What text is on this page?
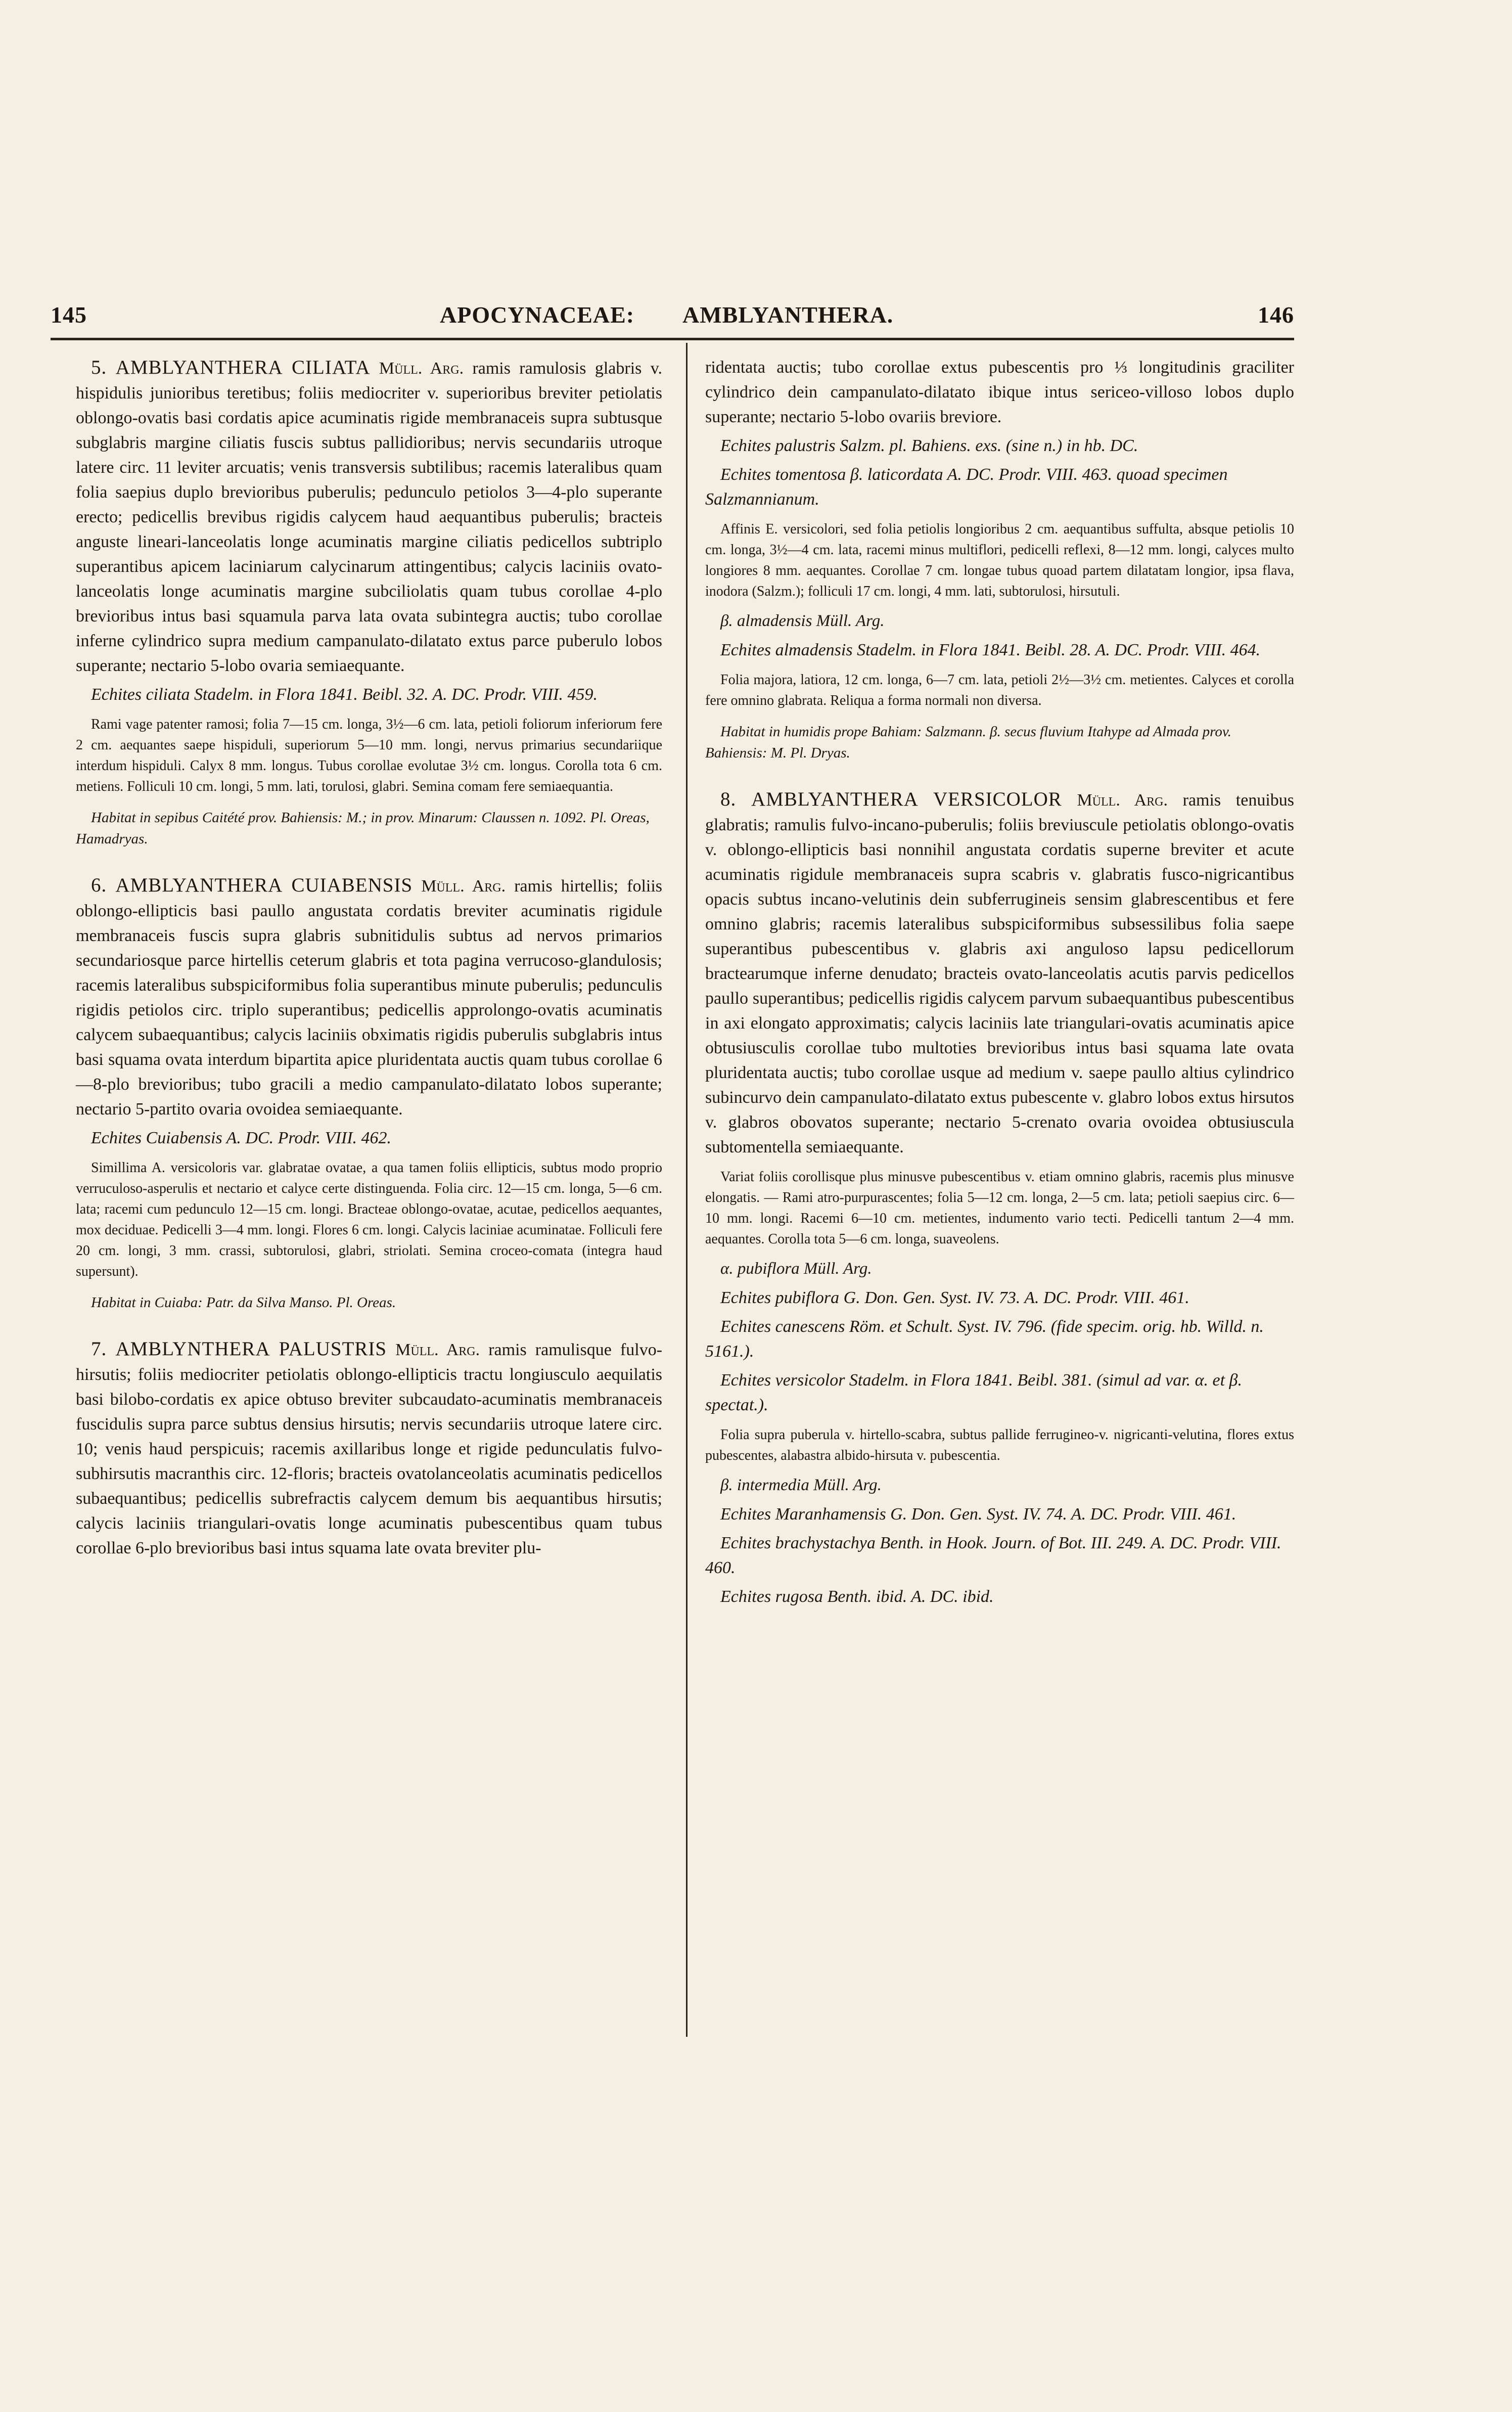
145	APOCYNACEAE: AMBLYANTHERA.	146

5. AMBLYANTHERA CILIATA Müll. Arg. ramis ramulosis glabris v. hispidulis junioribus teretibus; foliis mediocriter v. superioribus breviter petiolatis oblongo-ovatis basi cordatis apice acuminatis rigide membranaceis supra subtusque subglabris margine ciliatis fuscis subtus pallidioribus; nervis secundariis utroque latere circ. 11 leviter arcuatis; venis transversis subtilibus; racemis lateralibus quam folia saepius duplo brevioribus puberulis; pedunculo petiolos 3—4-plo superante erecto; pedicellis brevibus rigidis calycem haud aequantibus puberulis; bracteis anguste lineari-lanceolatis longe acuminatis margine ciliatis pedicellos subtriplo superantibus apicem laciniarum calycinarum attingentibus; calycis laciniis ovato-lanceolatis longe acuminatis margine subciliolatis quam tubus corollae 4-plo brevioribus intus basi squamula parva lata ovata subintegra auctis; tubo corollae inferne cylindrico supra medium campanulato-dilatato extus parce puberulo lobos superante; nectario 5-lobo ovaria semiaequante.

Echites ciliata Stadelm. in Flora 1841. Beibl. 32. A. DC. Prodr. VIII. 459.

Rami vage patenter ramosi; folia 7—15 cm. longa, 3½—6 cm. lata, petioli foliorum inferiorum fere 2 cm. aequantes saepe hispiduli, superiorum 5—10 mm. longi, nervus primarius secundariique interdum hispiduli. Calyx 8 mm. longus. Tubus corollae evolutae 3½ cm. longus. Corolla tota 6 cm. metiens. Folliculi 10 cm. longi, 5 mm. lati, torulosi, glabri. Semina comam fere semiaequantia.

Habitat in sepibus Caitété prov. Bahiensis: M.; in prov. Minarum: Claussen n. 1092. Pl. Oreas, Hamadryas.

6. AMBLYANTHERA CUIABENSIS Müll. Arg. ramis hirtellis; foliis oblongo-ellipticis basi paullo angustata cordatis breviter acuminatis rigidule membranaceis fuscis supra glabris subnitidulis subtus ad nervos primarios secundariosque parce hirtellis ceterum glabris et tota pagina verrucoso-glandulosis; racemis lateralibus subspiciformibus folia superantibus minute puberulis; pedunculis rigidis petiolos circ. triplo superantibus; pedicellis approlongo-ovatis acuminatis calycem subaequantibus; calycis laciniis obximatis rigidis puberulis subglabris intus basi squama ovata interdum bipartita apice pluridentata auctis quam tubus corollae 6—8-plo brevioribus; tubo gracili a medio campanulato-dilatato lobos superante; nectario 5-partito ovaria ovoidea semiaequante.

Echites Cuiabensis A. DC. Prodr. VIII. 462.

Simillima A. versicoloris var. glabratae ovatae, a qua tamen foliis ellipticis, subtus modo proprio verruculoso-asperulis et nectario et calyce certe distinguenda. Folia circ. 12—15 cm. longa, 5—6 cm. lata; racemi cum pedunculo 12—15 cm. longi. Bracteae oblongo-ovatae, acutae, pedicellos aequantes, mox deciduae. Pedicelli 3—4 mm. longi. Flores 6 cm. longi. Calycis laciniae acuminatae. Folliculi fere 20 cm. longi, 3 mm. crassi, subtorulosi, glabri, striolati. Semina croceo-comata (integra haud supersunt).

Habitat in Cuiaba: Patr. da Silva Manso. Pl. Oreas.

7. AMBLYNTHERA PALUSTRIS Müll. Arg. ramis ramulisque fulvo-hirsutis; foliis mediocriter petiolatis oblongo-ellipticis tractu longiusculo aequilatis basi bilobo-cordatis ex apice obtuso breviter subcaudato-acuminatis membranaceis fuscidulis supra parce subtus densius hirsutis; nervis secundariis utroque latere circ. 10; venis haud perspicuis; racemis axillaribus longe et rigide pedunculatis fulvo-subhirsutis macranthis circ. 12-floris; bracteis ovatolanceolatis acuminatis pedicellos subaequantibus; pedicellis subrefractis calycem demum bis aequantibus hirsutis; calycis laciniis triangulari-ovatis longe acuminatis pubescentibus quam tubus corollae 6-plo brevioribus basi intus squama late ovata breviter plu-

ridentata auctis; tubo corollae extus pubescentis pro ⅓ longitudinis graciliter cylindrico dein campanulato-dilatato ibique intus sericeo-villoso lobos duplo superante; nectario 5-lobo ovariis breviore.

Echites palustris Salzm. pl. Bahiens. exs. (sine n.) in hb. DC.

Echites tomentosa β. laticordata A. DC. Prodr. VIII. 463. quoad specimen Salzmannianum.

Affinis E. versicolori, sed folia petiolis longioribus 2 cm. aequantibus suffulta, absque petiolis 10 cm. longa, 3½—4 cm. lata, racemi minus multiflori, pedicelli reflexi, 8—12 mm. longi, calyces multo longiores 8 mm. aequantes. Corollae 7 cm. longae tubus quoad partem dilatatam longior, ipsa flava, inodora (Salzm.); folliculi 17 cm. longi, 4 mm. lati, subtorulosi, hirsutuli.

β. almadensis Müll. Arg.

Echites almadensis Stadelm. in Flora 1841. Beibl. 28. A. DC. Prodr. VIII. 464.

Folia majora, latiora, 12 cm. longa, 6—7 cm. lata, petioli 2½—3½ cm. metientes. Calyces et corolla fere omnino glabrata. Reliqua a forma normali non diversa.

Habitat in humidis prope Bahiam: Salzmann. β. secus fluvium Itahype ad Almada prov. Bahiensis: M. Pl. Dryas.

8. AMBLYANTHERA VERSICOLOR Müll. Arg. ramis tenuibus glabratis; ramulis fulvo-incano-puberulis; foliis breviuscule petiolatis oblongo-ovatis v. oblongo-ellipticis basi nonnihil angustata cordatis superne breviter et acute acuminatis rigidule membranaceis supra scabris v. glabratis fusco-nigricantibus opacis subtus incano-velutinis dein subferrugineis sensim glabrescentibus et fere omnino glabris; racemis lateralibus subspiciformibus subsessilibus folia saepe superantibus pubescentibus v. glabris axi anguloso lapsu pedicellorum bractearumque inferne denudato; bracteis ovato-lanceolatis acutis parvis pedicellos paullo superantibus; pedicellis rigidis calycem parvum subaequantibus pubescentibus in axi elongato approximatis; calycis laciniis late triangulari-ovatis acuminatis apice obtusiusculis corollae tubo multoties brevioribus intus basi squama late ovata pluridentata auctis; tubo corollae usque ad medium v. saepe paullo altius cylindrico subincurvo dein campanulato-dilatato extus pubescente v. glabro lobos extus hirsutos v. glabros obovatos superante; nectario 5-crenato ovaria ovoidea obtusiuscula subtomentella semiaequante.

Variat foliis corollisque plus minusve pubescentibus v. etiam omnino glabris, racemis plus minusve elongatis. — Rami atro-purpurascentes; folia 5—12 cm. longa, 2—5 cm. lata; petioli saepius circ. 6—10 mm. longi. Racemi 6—10 cm. metientes, indumento vario tecti. Pedicelli tantum 2—4 mm. aequantes. Corolla tota 5—6 cm. longa, suaveolens.

α. pubiflora Müll. Arg.

Echites pubiflora G. Don. Gen. Syst. IV. 73. A. DC. Prodr. VIII. 461.

Echites canescens Röm. et Schult. Syst. IV. 796. (fide specim. orig. hb. Willd. n. 5161.).

Echites versicolor Stadelm. in Flora 1841. Beibl. 381. (simul ad var. α. et β. spectat.).

Folia supra puberula v. hirtello-scabra, subtus pallide ferrugineo-v. nigricanti-velutina, flores extus pubescentes, alabastra albido-hirsuta v. pubescentia.

β. intermedia Müll. Arg.

Echites Maranhamensis G. Don. Gen. Syst. IV. 74. A. DC. Prodr. VIII. 461.

Echites brachystachya Benth. in Hook. Journ. of Bot. III. 249. A. DC. Prodr. VIII. 460.

Echites rugosa Benth. ibid. A. DC. ibid.
